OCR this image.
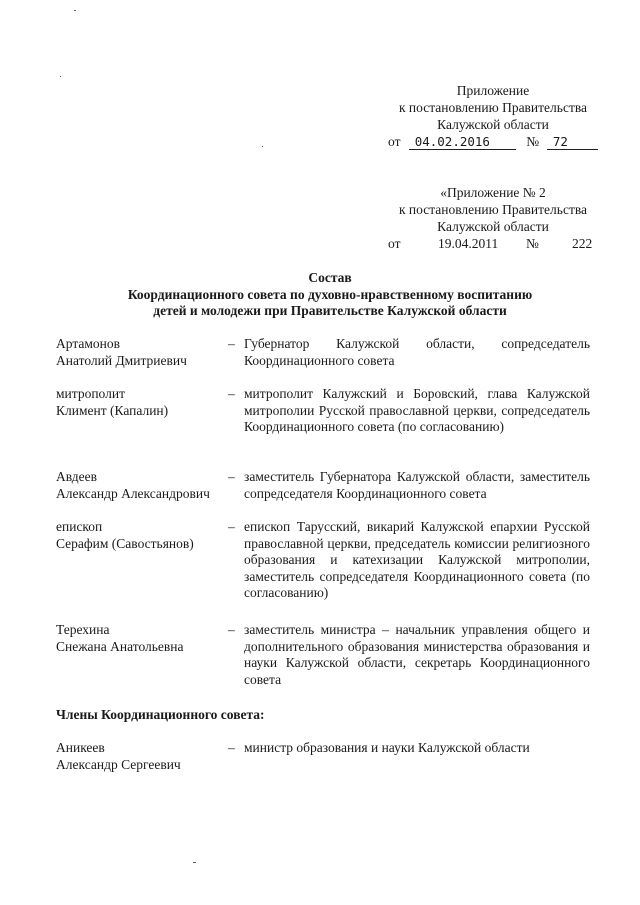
Приложение
к постановлению Правительства
Калужской области
от	04.02.2016	№	72
«Приложение № 2
к постановлению Правительства
Калужской области
от	19.04.2011	№	222
Состав
Координационного совета по духовно-нравственному воспитанию
детей и молодежи при Правительстве Калужской области
Артамонов
Анатолий Дмитриевич
– Губернатор Калужской области, сопредседатель Координационного совета
митрополит
Климент (Капалин)
– митрополит Калужский и Боровский, глава Калужской митрополии Русской православной церкви, сопредседатель Координационного совета (по согласованию)
Авдеев
Александр Александрович
– заместитель Губернатора Калужской области, заместитель сопредседателя Координационного совета
епископ
Серафим (Савостьянов)
– епископ Тарусский, викарий Калужской епархии Русской православной церкви, председатель комиссии религиозного образования и катехизации Калужской митрополии, заместитель сопредседателя Координационного совета (по согласованию)
Терехина
Снежана Анатольевна
– заместитель министра – начальник управления общего и дополнительного образования министерства образования и науки Калужской области, секретарь Координационного совета
Члены Координационного совета:
Аникеев
Александр Сергеевич
– министр образования и науки Калужской области
